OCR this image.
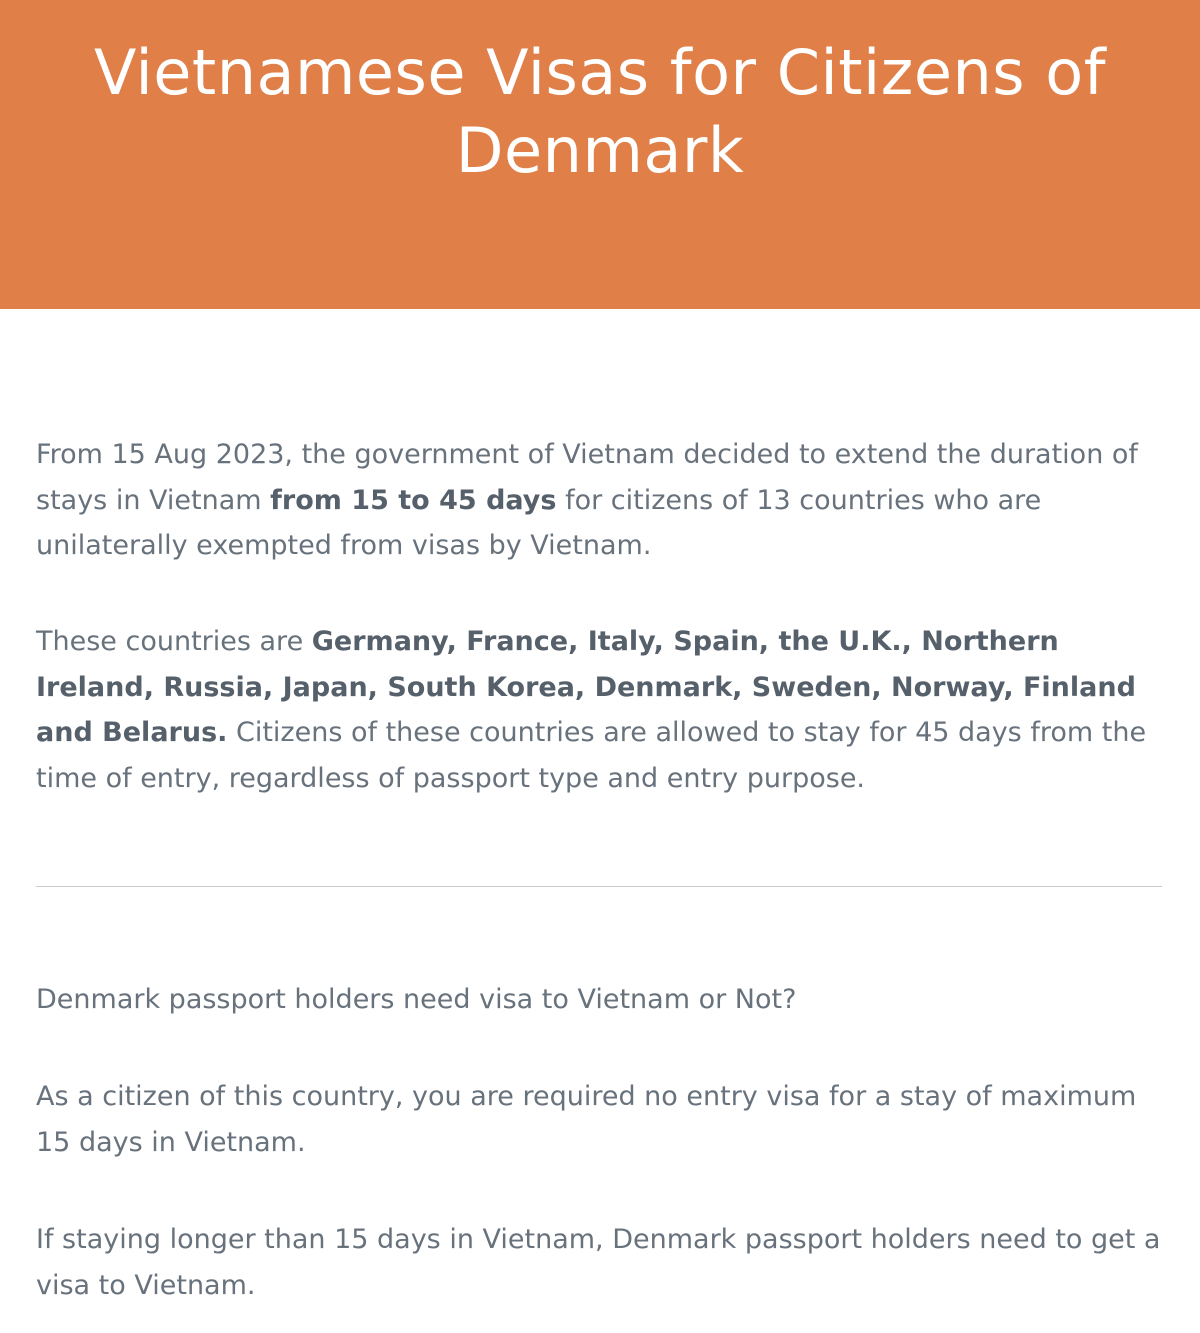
Vietnamese Visas for Citizens of Denmark

From 15 Aug 2023, the government of Vietnam decided to extend the duration of stays in Vietnam from 15 to 45 days for citizens of 13 countries who are unilaterally exempted from visas by Vietnam.

These countries are Germany, France, Italy, Spain, the U.K., Northern Ireland, Russia, Japan, South Korea, Denmark, Sweden, Norway, Finland and Belarus. Citizens of these countries are allowed to stay for 45 days from the time of entry, regardless of passport type and entry purpose.

Denmark passport holders need visa to Vietnam or Not?

As a citizen of this country, you are required no entry visa for a stay of maximum 15 days in Vietnam.

If staying longer than 15 days in Vietnam, Denmark passport holders need to get a visa to Vietnam.
